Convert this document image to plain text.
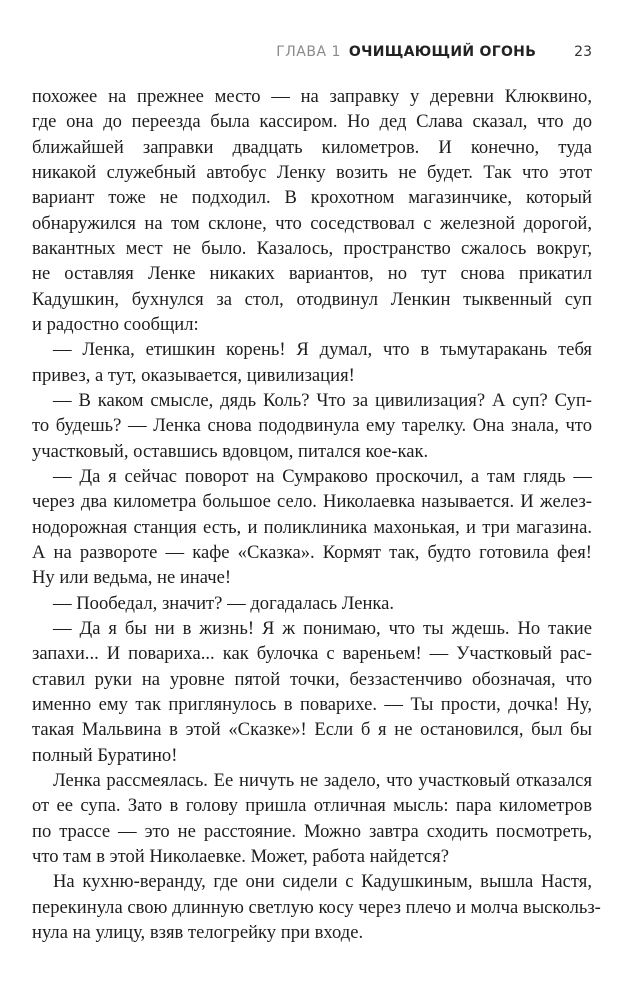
ГЛАВА 1 ОЧИЩАЮЩИЙ ОГОНЬ	23
похожее на прежнее место — на заправку у деревни Клюквино,
где она до переезда была кассиром. Но дед Слава сказал, что до
ближайшей заправки двадцать километров. И конечно, туда
никакой служебный автобус Ленку возить не будет. Так что этот
вариант тоже не подходил. В крохотном магазинчике, который
обнаружился на том склоне, что соседствовал с железной дорогой,
вакантных мест не было. Казалось, пространство сжалось вокруг,
не оставляя Ленке никаких вариантов, но тут снова прикатил
Кадушкин, бухнулся за стол, отодвинул Ленкин тыквенный суп
и радостно сообщил:
— Ленка, етишкин корень! Я думал, что в тьмутаракань тебя
привез, а тут, оказывается, цивилизация!
— В каком смысле, дядь Коль? Что за цивилизация? А суп? Суп-
то будешь? — Ленка снова пододвинула ему тарелку. Она знала, что
участковый, оставшись вдовцом, питался кое-как.
— Да я сейчас поворот на Сумраково проскочил, а там глядь —
через два километра большое село. Николаевка называется. И желез-
нодорожная станция есть, и поликлиника махонькая, и три магазина.
А на развороте — кафе «Сказка». Кормят так, будто готовила фея!
Ну или ведьма, не иначе!
— Пообедал, значит? — догадалась Ленка.
— Да я бы ни в жизнь! Я ж понимаю, что ты ждешь. Но такие
запахи... И повариха... как булочка с вареньем! — Участковый рас-
ставил руки на уровне пятой точки, беззастенчиво обозначая, что
именно ему так приглянулось в поварихе. — Ты прости, дочка! Ну,
такая Мальвина в этой «Сказке»! Если б я не остановился, был бы
полный Буратино!
Ленка рассмеялась. Ее ничуть не задело, что участковый отказался
от ее супа. Зато в голову пришла отличная мысль: пара километров
по трассе — это не расстояние. Можно завтра сходить посмотреть,
что там в этой Николаевке. Может, работа найдется?
На кухню-веранду, где они сидели с Кадушкиным, вышла Настя,
перекинула свою длинную светлую косу через плечо и молча выскольз-
нула на улицу, взяв телогрейку при входе.
